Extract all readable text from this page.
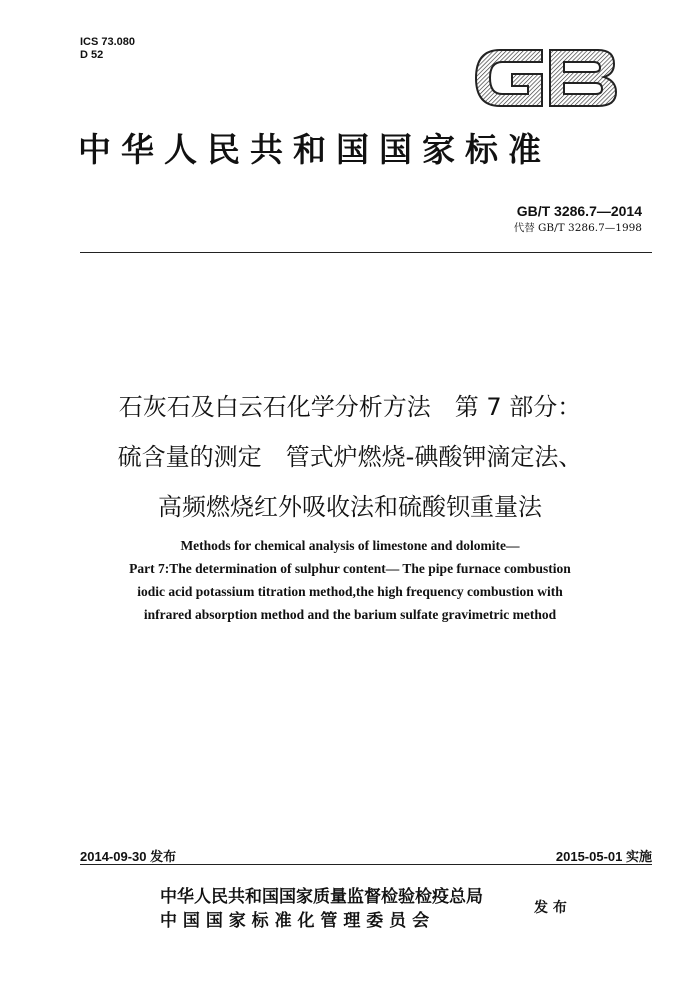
ICS 73.080
D 52
中华人民共和国国家标准
GB/T 3286.7—2014
代替 GB/T 3286.7—1998
石灰石及白云石化学分析方法　第 7 部分：
硫含量的测定　管式炉燃烧-碘酸钾滴定法、
高频燃烧红外吸收法和硫酸钡重量法
Methods for chemical analysis of limestone and dolomite—
Part 7:The determination of sulphur content— The pipe furnace combustion
iodic acid potassium titration method,the high frequency combustion with
infrared absorption method and the barium sulfate gravimetric method
2014-09-30 发布	2015-05-01 实施
中华人民共和国国家质量监督检验检疫总局
中 国 国 家 标 准 化 管 理 委 员 会
发 布
